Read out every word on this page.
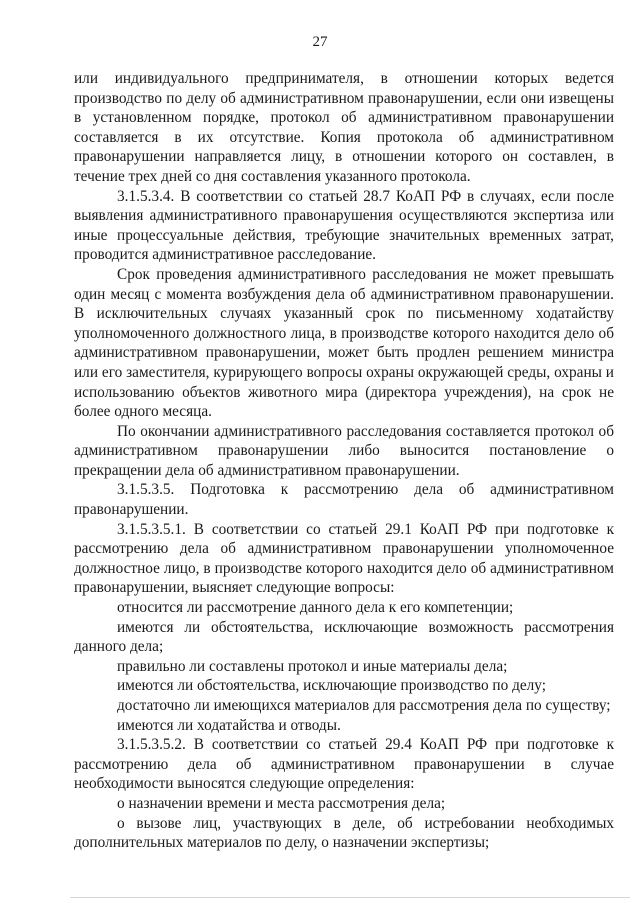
27

или индивидуального предпринимателя, в отношении которых ведется производство по делу об административном правонарушении, если они извещены в установленном порядке, протокол об административном правонарушении составляется в их отсутствие. Копия протокола об административном правонарушении направляется лицу, в отношении которого он составлен, в течение трех дней со дня составления указанного протокола.

3.1.5.3.4. В соответствии со статьей 28.7 КоАП РФ в случаях, если после выявления административного правонарушения осуществляются экспертиза или иные процессуальные действия, требующие значительных временных затрат, проводится административное расследование.

Срок проведения административного расследования не может превышать один месяц с момента возбуждения дела об административном правонарушении. В исключительных случаях указанный срок по письменному ходатайству уполномоченного должностного лица, в производстве которого находится дело об административном правонарушении, может быть продлен решением министра или его заместителя, курирующего вопросы охраны окружающей среды, охраны и использованию объектов животного мира (директора учреждения), на срок не более одного месяца.

По окончании административного расследования составляется протокол об административном правонарушении либо выносится постановление о прекращении дела об административном правонарушении.

3.1.5.3.5. Подготовка к рассмотрению дела об административном правонарушении.

3.1.5.3.5.1. В соответствии со статьей 29.1 КоАП РФ при подготовке к рассмотрению дела об административном правонарушении уполномоченное должностное лицо, в производстве которого находится дело об административном правонарушении, выясняет следующие вопросы:

относится ли рассмотрение данного дела к его компетенции;

имеются ли обстоятельства, исключающие возможность рассмотрения данного дела;

правильно ли составлены протокол и иные материалы дела;

имеются ли обстоятельства, исключающие производство по делу;

достаточно ли имеющихся материалов для рассмотрения дела по существу;

имеются ли ходатайства и отводы.

3.1.5.3.5.2. В соответствии со статьей 29.4 КоАП РФ при подготовке к рассмотрению дела об административном правонарушении в случае необходимости выносятся следующие определения:

о назначении времени и места рассмотрения дела;

о вызове лиц, участвующих в деле, об истребовании необходимых дополнительных материалов по делу, о назначении экспертизы;
